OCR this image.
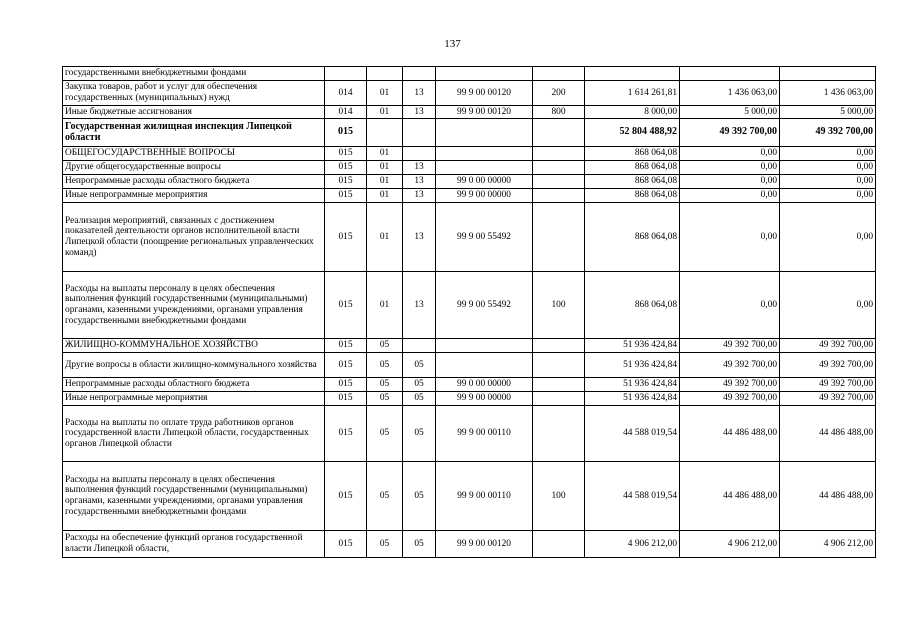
137
государственными внебюджетными фондами								
Закупка товаров, работ и услуг для обеспечения государственных (муниципальных) нужд	014	01	13	99 9 00 00120	200	1 614 261,81	1 436 063,00	1 436 063,00
Иные бюджетные ассигнования	014	01	13	99 9 00 00120	800	8 000,00	5 000,00	5 000,00
Государственная жилищная инспекция Липецкой области	015					52 804 488,92	49 392 700,00	49 392 700,00
ОБЩЕГОСУДАРСТВЕННЫЕ ВОПРОСЫ	015	01				868 064,08	0,00	0,00
Другие общегосударственные вопросы	015	01	13			868 064,08	0,00	0,00
Непрограммные расходы областного бюджета	015	01	13	99 0 00 00000		868 064,08	0,00	0,00
Иные непрограммные мероприятия	015	01	13	99 9 00 00000		868 064,08	0,00	0,00
Реализация мероприятий, связанных с достижением показателей деятельности органов исполнительной власти Липецкой области (поощрение региональных управленческих команд)	015	01	13	99 9 00 55492		868 064,08	0,00	0,00
Расходы на выплаты персоналу в целях обеспечения выполнения функций государственными (муниципальными) органами, казенными учреждениями, органами управления государственными внебюджетными фондами	015	01	13	99 9 00 55492	100	868 064,08	0,00	0,00
ЖИЛИЩНО-КОММУНАЛЬНОЕ ХОЗЯЙСТВО	015	05				51 936 424,84	49 392 700,00	49 392 700,00
Другие вопросы в области жилищно-коммунального хозяйства	015	05	05			51 936 424,84	49 392 700,00	49 392 700,00
Непрограммные расходы областного бюджета	015	05	05	99 0 00 00000		51 936 424,84	49 392 700,00	49 392 700,00
Иные непрограммные мероприятия	015	05	05	99 9 00 00000		51 936 424,84	49 392 700,00	49 392 700,00
Расходы на выплаты по оплате труда работников органов государственной власти Липецкой области, государственных органов Липецкой области	015	05	05	99 9 00 00110		44 588 019,54	44 486 488,00	44 486 488,00
Расходы на выплаты персоналу в целях обеспечения выполнения функций государственными (муниципальными) органами, казенными учреждениями, органами управления государственными внебюджетными фондами	015	05	05	99 9 00 00110	100	44 588 019,54	44 486 488,00	44 486 488,00
Расходы на обеспечение функций органов государственной власти Липецкой области,	015	05	05	99 9 00 00120		4 906 212,00	4 906 212,00	4 906 212,00
